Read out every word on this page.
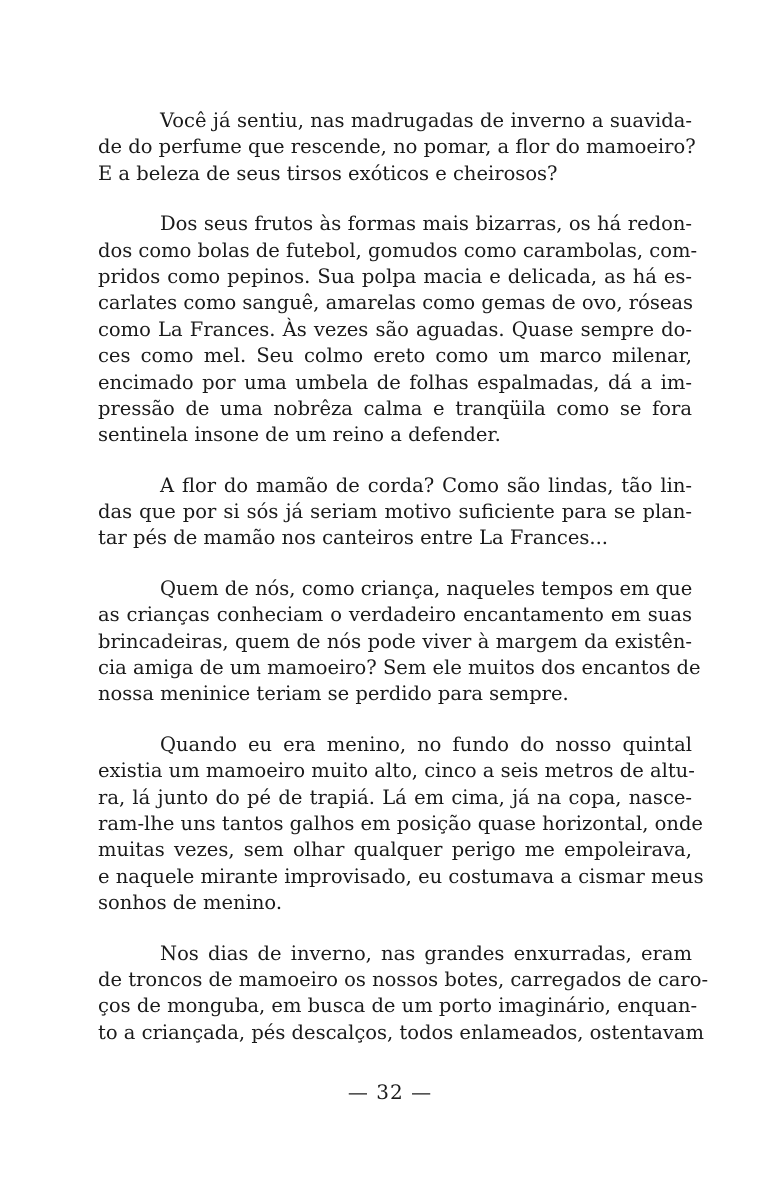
Você já sentiu, nas madrugadas de inverno a suavida-
de do perfume que rescende, no pomar, a flor do mamoeiro?
E a beleza de seus tirsos exóticos e cheirosos?
Dos seus frutos às formas mais bizarras, os há redon-
dos como bolas de futebol, gomudos como carambolas, com-
pridos como pepinos. Sua polpa macia e delicada, as há es-
carlates como sanguê, amarelas como gemas de ovo, róseas
como La Frances. Às vezes são aguadas. Quase sempre do-
ces como mel. Seu colmo ereto como um marco milenar,
encimado por uma umbela de folhas espalmadas, dá a im-
pressão de uma nobrêza calma e tranqüila como se fora
sentinela insone de um reino a defender.
A flor do mamão de corda? Como são lindas, tão lin-
das que por si sós já seriam motivo suficiente para se plan-
tar pés de mamão nos canteiros entre La Frances...
Quem de nós, como criança, naqueles tempos em que
as crianças conheciam o verdadeiro encantamento em suas
brincadeiras, quem de nós pode viver à margem da existên-
cia amiga de um mamoeiro? Sem ele muitos dos encantos de
nossa meninice teriam se perdido para sempre.
Quando eu era menino, no fundo do nosso quintal
existia um mamoeiro muito alto, cinco a seis metros de altu-
ra, lá junto do pé de trapiá. Lá em cima, já na copa, nasce-
ram-lhe uns tantos galhos em posição quase horizontal, onde
muitas vezes, sem olhar qualquer perigo me empoleirava,
e naquele mirante improvisado, eu costumava a cismar meus
sonhos de menino.
Nos dias de inverno, nas grandes enxurradas, eram
de troncos de mamoeiro os nossos botes, carregados de caro-
ços de monguba, em busca de um porto imaginário, enquan-
to a criançada, pés descalços, todos enlameados, ostentavam
— 32 —
